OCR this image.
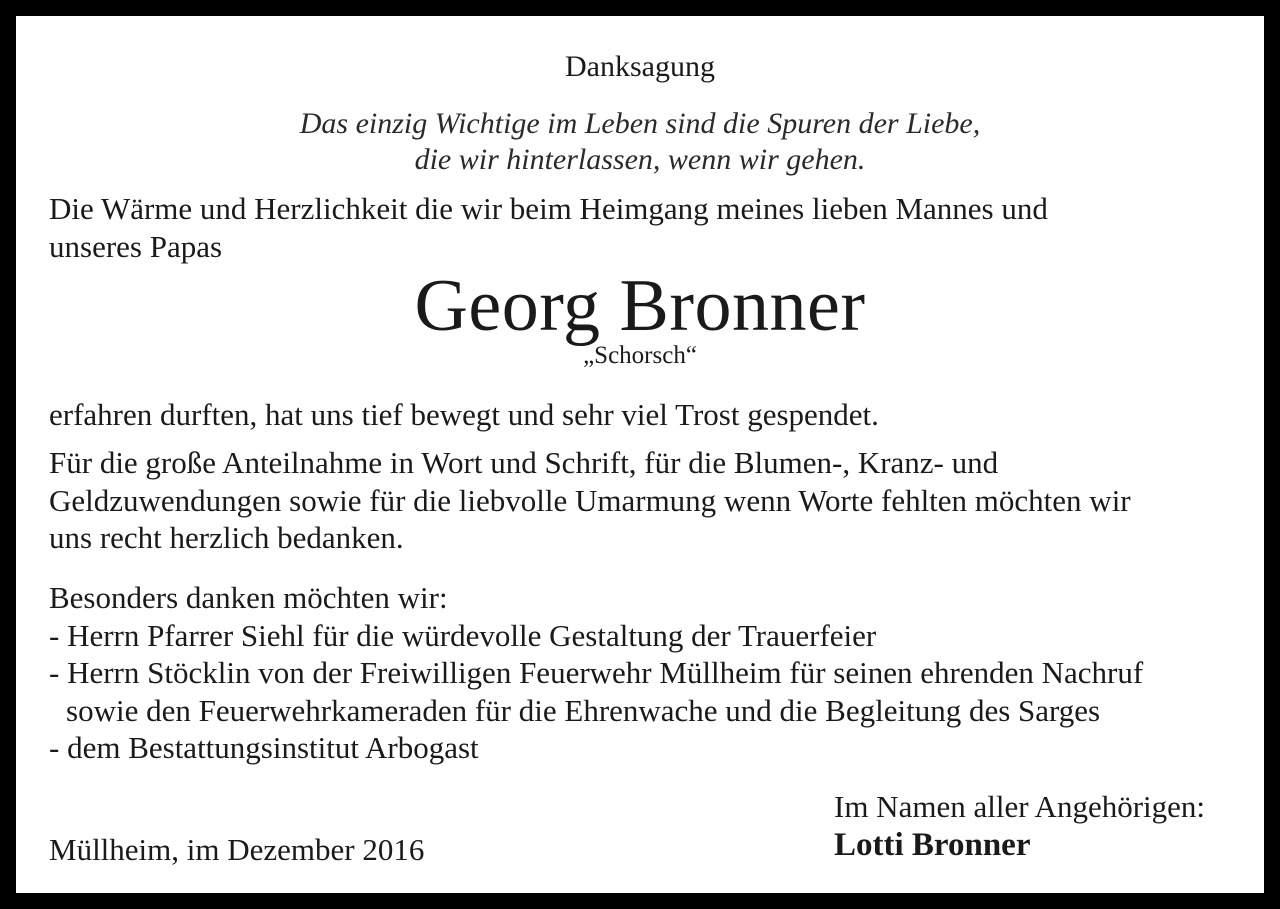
Danksagung
Das einzig Wichtige im Leben sind die Spuren der Liebe,
die wir hinterlassen, wenn wir gehen.
Die Wärme und Herzlichkeit die wir beim Heimgang meines lieben Mannes und
unseres Papas
Georg Bronner
„Schorsch“
erfahren durften, hat uns tief bewegt und sehr viel Trost gespendet.
Für die große Anteilnahme in Wort und Schrift, für die Blumen-, Kranz- und
Geldzuwendungen sowie für die liebvolle Umarmung wenn Worte fehlten möchten wir
uns recht herzlich bedanken.
Besonders danken möchten wir:
- Herrn Pfarrer Siehl für die würdevolle Gestaltung der Trauerfeier
- Herrn Stöcklin von der Freiwilligen Feuerwehr Müllheim für seinen ehrenden Nachruf
sowie den Feuerwehrkameraden für die Ehrenwache und die Begleitung des Sarges
- dem Bestattungsinstitut Arbogast
Im Namen aller Angehörigen:
Lotti Bronner
Müllheim, im Dezember 2016
